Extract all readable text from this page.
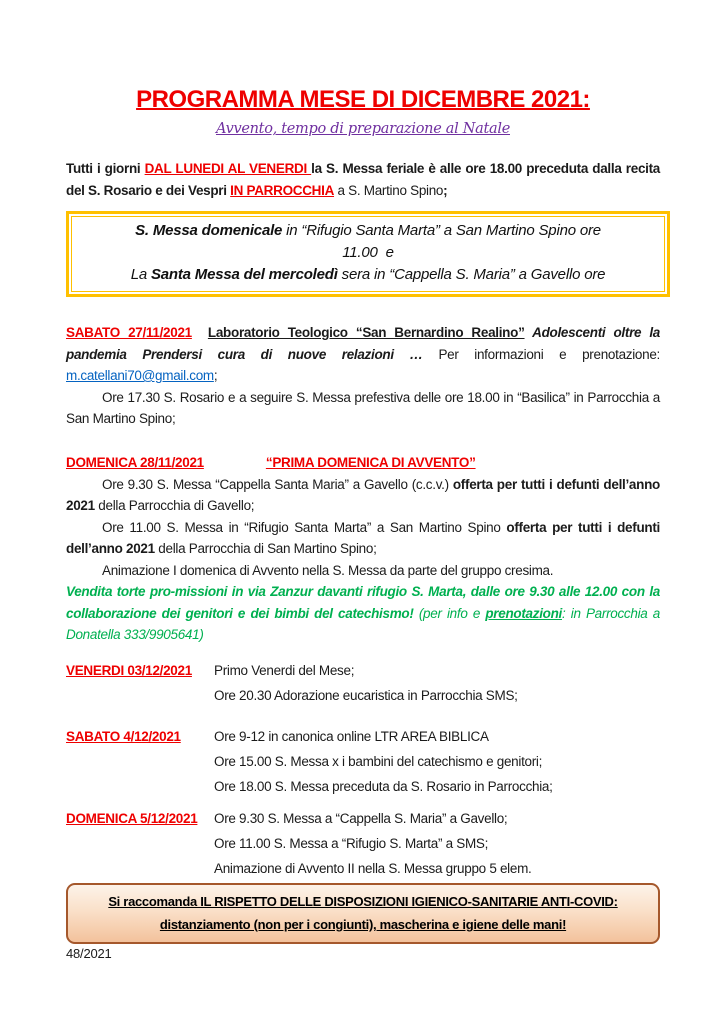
PROGRAMMA MESE DI DICEMBRE 2021:
Avvento, tempo di preparazione al Natale
Tutti i giorni DAL LUNEDI AL VENERDI la S. Messa feriale è alle ore 18.00 preceduta dalla recita del S. Rosario e dei Vespri IN PARROCCHIA a S. Martino Spino;
S. Messa domenicale in “Rifugio Santa Marta” a San Martino Spino ore
11.00  e
La Santa Messa del mercoledì sera in “Cappella S. Maria” a Gavello ore
SABATO 27/11/2021 Laboratorio Teologico “San Bernardino Realino” Adolescenti oltre la pandemia Prendersi cura di nuove relazioni … Per informazioni e prenotazione: m.catellani70@gmail.com;
Ore 17.30 S. Rosario e a seguire S. Messa prefestiva delle ore 18.00 in “Basilica” in Parrocchia a San Martino Spino;
DOMENICA 28/11/2021	“PRIMA DOMENICA DI AVVENTO”
Ore 9.30 S. Messa “Cappella Santa Maria” a Gavello (c.c.v.) offerta per tutti i defunti dell’anno 2021 della Parrocchia di Gavello;
Ore 11.00 S. Messa in “Rifugio Santa Marta” a San Martino Spino offerta per tutti i defunti dell’anno 2021 della Parrocchia di San Martino Spino;
Animazione I domenica di Avvento nella S. Messa da parte del gruppo cresima.
Vendita torte pro-missioni in via Zanzur davanti rifugio S. Marta, dalle ore 9.30 alle 12.00 con la collaborazione dei genitori e dei bimbi del catechismo! (per info e prenotazioni: in Parrocchia a Donatella 333/9905641)
VENERDI 03/12/2021	Primo Venerdi del Mese;
Ore 20.30 Adorazione eucaristica in Parrocchia SMS;
SABATO 4/12/2021	Ore 9-12 in canonica online LTR AREA BIBLICA
Ore 15.00 S. Messa x i bambini del catechismo e genitori;
Ore 18.00 S. Messa preceduta da S. Rosario in Parrocchia;
DOMENICA 5/12/2021	Ore 9.30 S. Messa a “Cappella S. Maria” a Gavello;
Ore 11.00 S. Messa a “Rifugio S. Marta” a SMS;
Animazione di Avvento II nella S. Messa gruppo 5 elem.
Si raccomanda IL RISPETTO DELLE DISPOSIZIONI IGIENICO-SANITARIE ANTI-COVID: distanziamento (non per i congiunti), mascherina e igiene delle mani!
48/2021
